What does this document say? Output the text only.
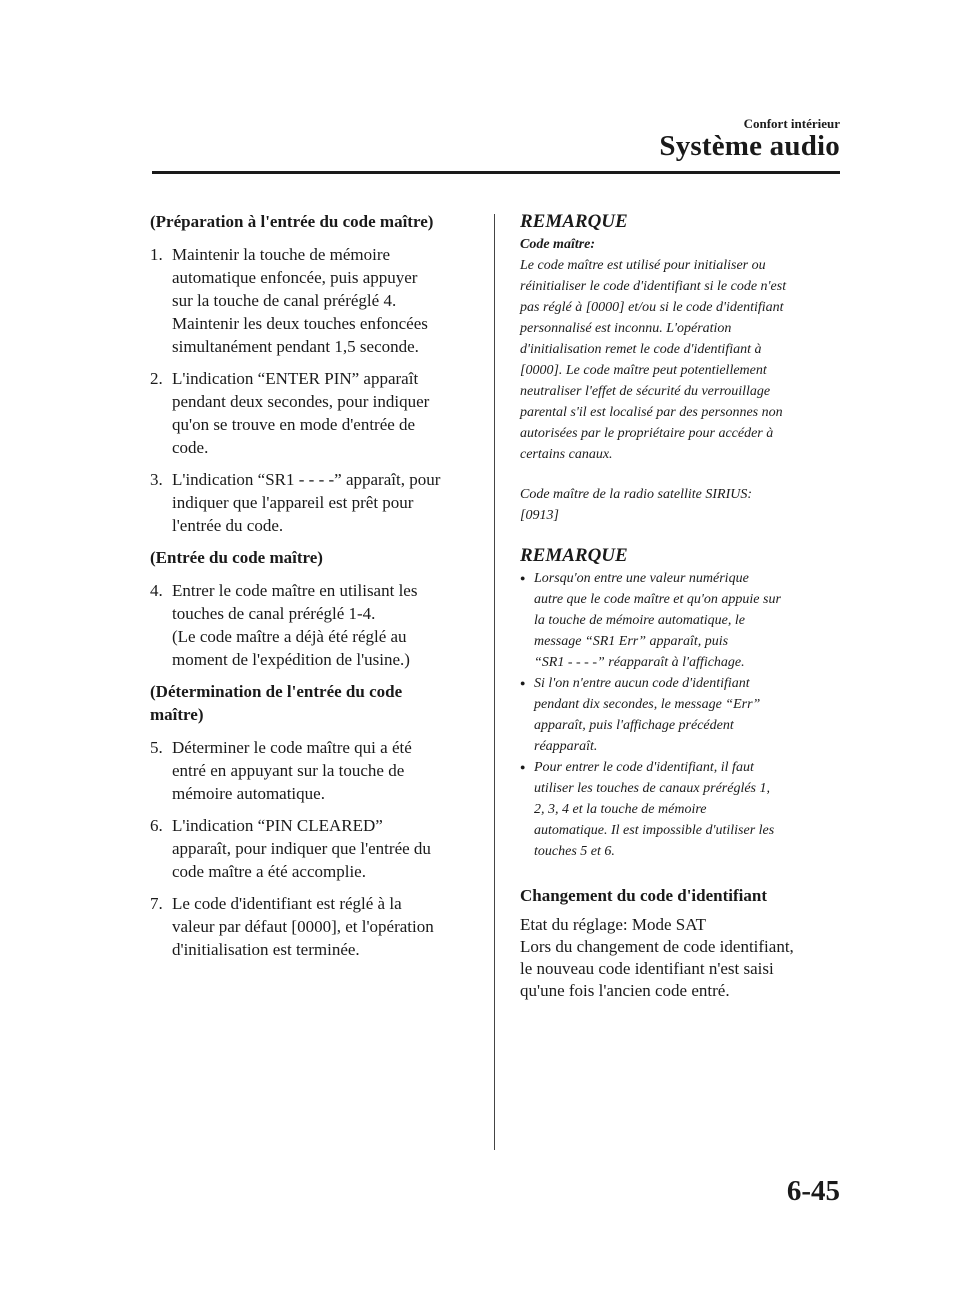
Confort intérieur
Système audio
(Préparation à l'entrée du code maître)
1. Maintenir la touche de mémoire
automatique enfoncée, puis appuyer
sur la touche de canal préréglé 4.
Maintenir les deux touches enfoncées
simultanément pendant 1,5 seconde.
2. L'indication “ENTER PIN” apparaît
pendant deux secondes, pour indiquer
qu'on se trouve en mode d'entrée de
code.
3. L'indication “SR1 - - - -” apparaît, pour
indiquer que l'appareil est prêt pour
l'entrée du code.
(Entrée du code maître)
4. Entrer le code maître en utilisant les
touches de canal préréglé 1-4.
(Le code maître a déjà été réglé au
moment de l'expédition de l'usine.)
(Détermination de l'entrée du code
maître)
5. Déterminer le code maître qui a été
entré en appuyant sur la touche de
mémoire automatique.
6. L'indication “PIN CLEARED”
apparaît, pour indiquer que l'entrée du
code maître a été accomplie.
7. Le code d'identifiant est réglé à la
valeur par défaut [0000], et l'opération
d'initialisation est terminée.
REMARQUE

Code maître:

Le code maître est utilisé pour initialiser ou
réinitialiser le code d'identifiant si le code n'est
pas réglé à [0000] et/ou si le code d'identifiant
personnalisé est inconnu. L'opération
d'initialisation remet le code d'identifiant à
[0000]. Le code maître peut potentiellement
neutraliser l'effet de sécurité du verrouillage
parental s'il est localisé par des personnes non
autorisées par le propriétaire pour accéder à
certains canaux.
Code maître de la radio satellite SIRIUS:
[0913]
REMARQUE
● Lorsqu'on entre une valeur numérique
autre que le code maître et qu'on appuie sur
la touche de mémoire automatique, le
message “SR1 Err” apparaît, puis
“SR1 - - - -” réapparaît à l'affichage.
● Si l'on n'entre aucun code d'identifiant
pendant dix secondes, le message “Err”
apparaît, puis l'affichage précédent
réapparaît.
● Pour entrer le code d'identifiant, il faut
utiliser les touches de canaux préréglés 1,
2, 3, 4 et la touche de mémoire
automatique. Il est impossible d'utiliser les
touches 5 et 6.
Changement du code d'identifiant
Etat du réglage: Mode SAT
Lors du changement de code identifiant,
le nouveau code identifiant n'est saisi
qu'une fois l'ancien code entré.
6-45
